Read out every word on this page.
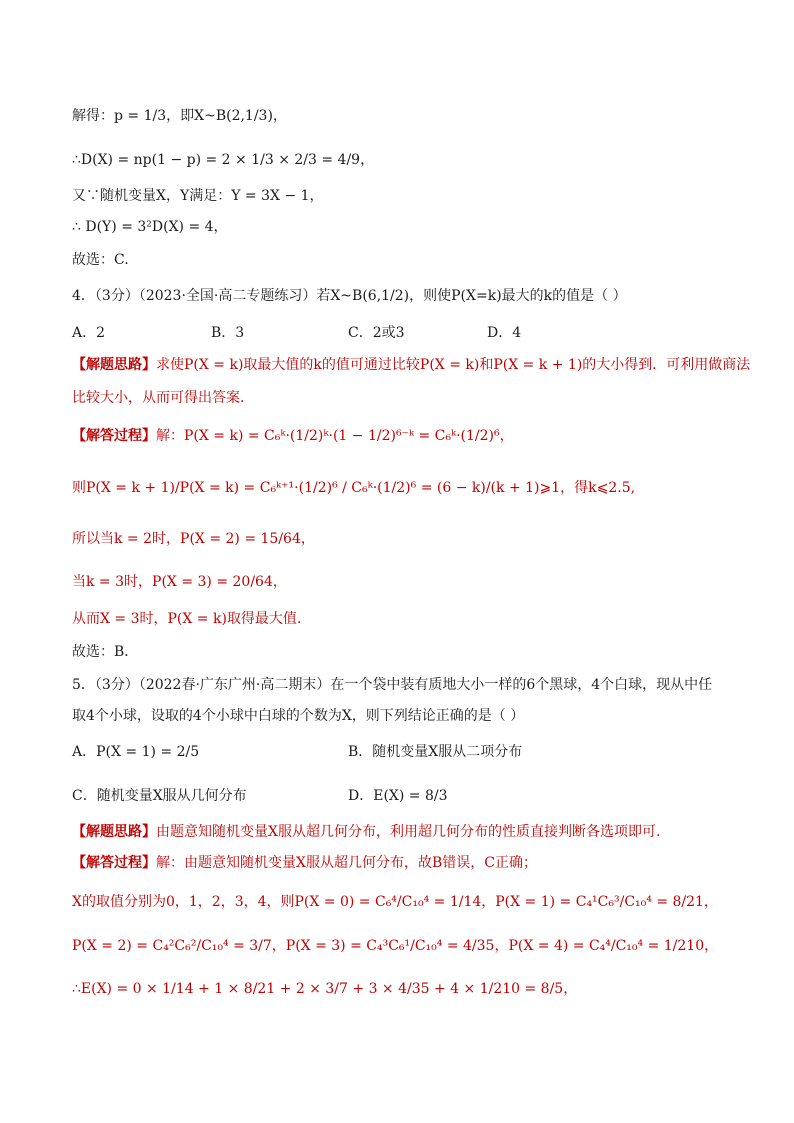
解得：p = 1/3，即X~B(2,1/3)，
∴D(X) = np(1 − p) = 2 × 1/3 × 2/3 = 4/9，
又∵随机变量X，Y满足：Y = 3X − 1，
∴ D(Y) = 3²D(X) = 4，
故选：C.
4．（3分）（2023·全国·高二专题练习）若X~B(6,1/2)，则使P(X=k)最大的k的值是（ ）
A．2	B．3	C．2或3	D．4
【解题思路】求使P(X = k)取最大值的k的值可通过比较P(X = k)和P(X = k + 1)的大小得到．可利用做商法
比较大小，从而可得出答案.
【解答过程】解：P(X = k) = C₆ᵏ·(1/2)ᵏ·(1 − 1/2)⁶⁻ᵏ = C₆ᵏ·(1/2)⁶，
则P(X = k + 1)/P(X = k) = C₆ᵏ⁺¹·(1/2)⁶ / C₆ᵏ·(1/2)⁶ = (6 − k)/(k + 1)⩾1，得k⩽2.5,
所以当k = 2时，P(X = 2) = 15/64，
当k = 3时，P(X = 3) = 20/64，
从而X = 3时，P(X = k)取得最大值.
故选：B．
5．（3分）（2022春·广东广州·高二期末）在一个袋中装有质地大小一样的6个黑球，4个白球，现从中任
取4个小球，设取的4个小球中白球的个数为X，则下列结论正确的是（ ）
A．P(X = 1) = 2/5	B．随机变量X服从二项分布
C．随机变量X服从几何分布	D．E(X) = 8/3
【解题思路】由题意知随机变量X服从超几何分布，利用超几何分布的性质直接判断各选项即可.
【解答过程】解：由题意知随机变量X服从超几何分布，故B错误，C正确；
X的取值分别为0，1，2，3，4，则P(X = 0) = C₆⁴/C₁₀⁴ = 1/14，P(X = 1) = C₄¹C₆³/C₁₀⁴ = 8/21，
P(X = 2) = C₄²C₆²/C₁₀⁴ = 3/7，P(X = 3) = C₄³C₆¹/C₁₀⁴ = 4/35，P(X = 4) = C₄⁴/C₁₀⁴ = 1/210，
∴E(X) = 0 × 1/14 + 1 × 8/21 + 2 × 3/7 + 3 × 4/35 + 4 × 1/210 = 8/5，
